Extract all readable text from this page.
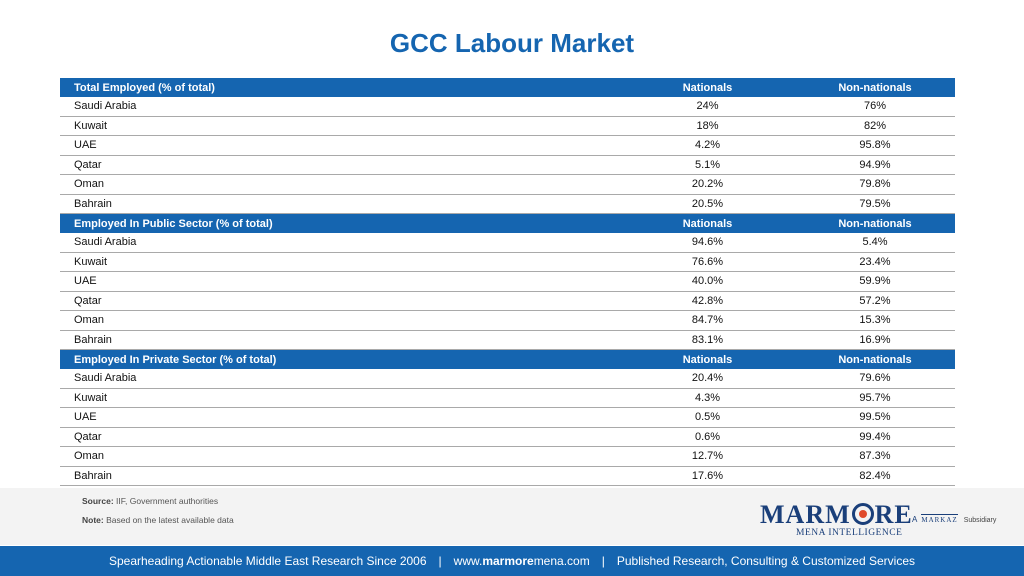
GCC Labour Market
Total Employed (% of total)	Nationals	Non-nationals
Saudi Arabia	24%	76%
Kuwait	18%	82%
UAE	4.2%	95.8%
Qatar	5.1%	94.9%
Oman	20.2%	79.8%
Bahrain	20.5%	79.5%
Employed In Public Sector (% of total)	Nationals	Non-nationals
Saudi Arabia	94.6%	5.4%
Kuwait	76.6%	23.4%
UAE	40.0%	59.9%
Qatar	42.8%	57.2%
Oman	84.7%	15.3%
Bahrain	83.1%	16.9%
Employed In Private Sector (% of total)	Nationals	Non-nationals
Saudi Arabia	20.4%	79.6%
Kuwait	4.3%	95.7%
UAE	0.5%	99.5%
Qatar	0.6%	99.4%
Oman	12.7%	87.3%
Bahrain	17.6%	82.4%
Source: IIF, Government authorities
Note: Based on the latest available data	MARM RE
MENA INTELLIGENCE
A MARKAZ Subsidiary
Spearheading Actionable Middle East Research Since 2006 | www.marmoremena.com | Published Research, Consulting & Customized Services
